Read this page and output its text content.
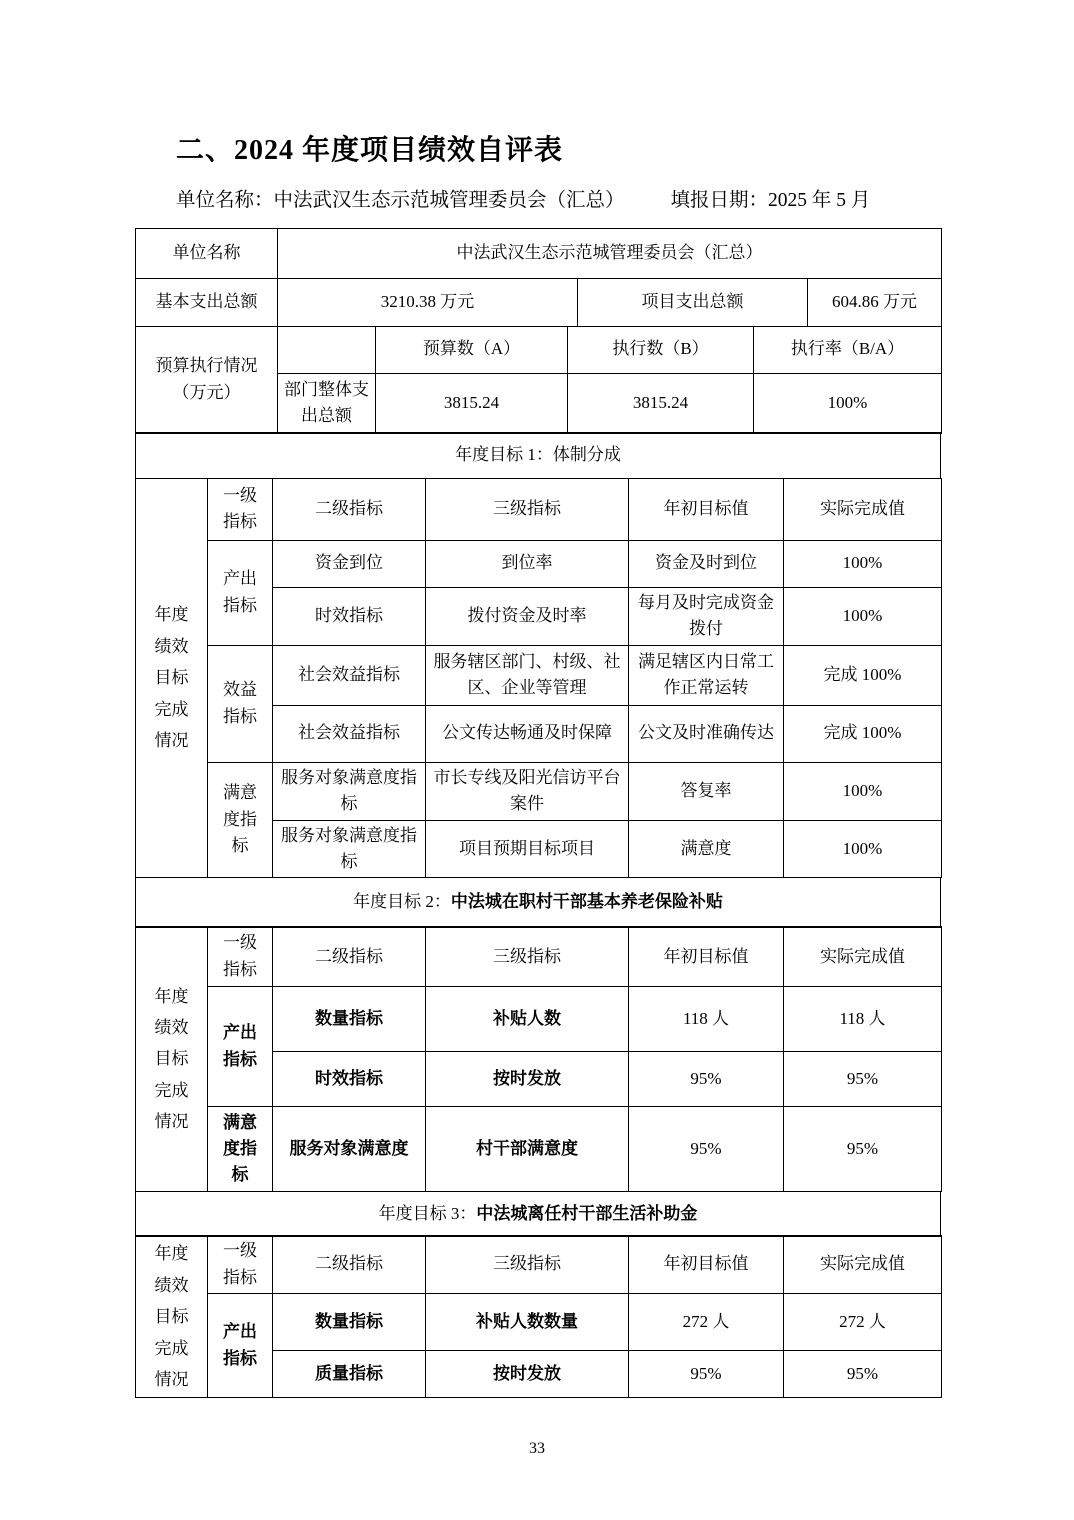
二、2024 年度项目绩效自评表
单位名称：中法武汉生态示范城管理委员会（汇总） 填报日期：2025 年 5 月
单位名称	中法武汉生态示范城管理委员会（汇总）		
基本支出总额	3210.38 万元	项目支出总额	604.86 万元
预算执行情况
（万元）		预算数（A）	执行数（B）	执行率（B/A）
	部门整体支出总额	3815.24	3815.24	100%
年度目标 1：体制分成
年度绩效目标完成情况	一级指标	二级指标	三级指标	年初目标值	实际完成值
	产出指标	资金到位	到位率	资金及时到位	100%
		时效指标	拨付资金及时率	每月及时完成资金拨付	100%
	效益指标	社会效益指标	服务辖区部门、村级、社区、企业等管理	满足辖区内日常工作正常运转	完成 100%
		社会效益指标	公文传达畅通及时保障	公文及时准确传达	完成 100%
	满意度指标	服务对象满意度指标	市长专线及阳光信访平台案件	答复率	100%
		服务对象满意度指标	项目预期目标项目	满意度	100%
年度目标 2：中法城在职村干部基本养老保险补贴
年度绩效目标完成情况	一级指标	二级指标	三级指标	年初目标值	实际完成值
	产出指标	数量指标	补贴人数	118 人	118 人
		时效指标	按时发放	95%	95%
	满意度指标	服务对象满意度	村干部满意度	95%	95%
年度目标 3：中法城离任村干部生活补助金
年度绩效目标完成情况	一级指标	二级指标	三级指标	年初目标值	实际完成值
	产出指标	数量指标	补贴人数数量	272 人	272 人
		质量指标	按时发放	95%	95%
33
